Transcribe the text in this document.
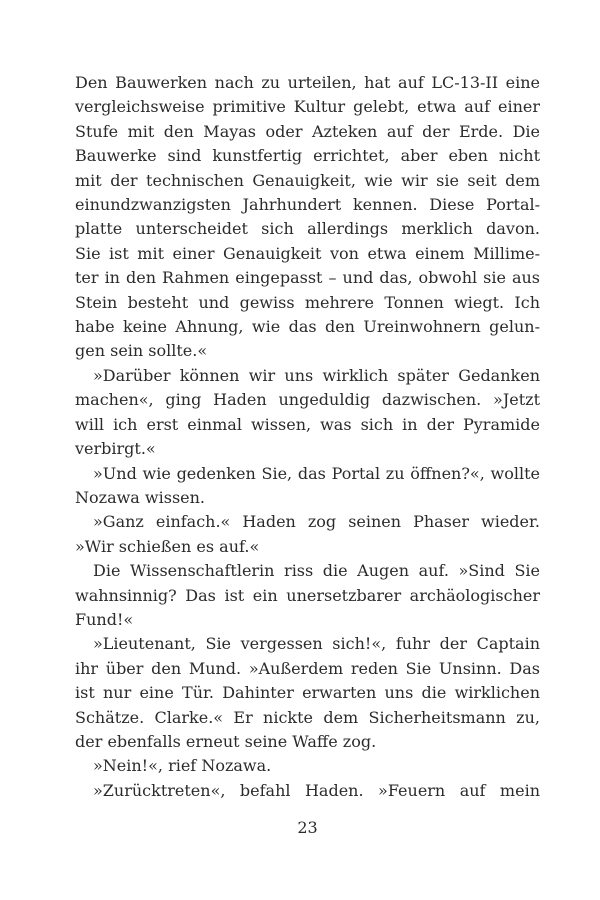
Den Bauwerken nach zu urteilen, hat auf LC-13-II eine
vergleichsweise primitive Kultur gelebt, etwa auf einer
Stufe mit den Mayas oder Azteken auf der Erde. Die
Bauwerke sind kunstfertig errichtet, aber eben nicht
mit der technischen Genauigkeit, wie wir sie seit dem
einundzwanzigsten Jahrhundert kennen. Diese Portal-
platte unterscheidet sich allerdings merklich davon.
Sie ist mit einer Genauigkeit von etwa einem Millime-
ter in den Rahmen eingepasst – und das, obwohl sie aus
Stein besteht und gewiss mehrere Tonnen wiegt. Ich
habe keine Ahnung, wie das den Ureinwohnern gelun-
gen sein sollte.«
»Darüber können wir uns wirklich später Gedanken
machen«, ging Haden ungeduldig dazwischen. »Jetzt
will ich erst einmal wissen, was sich in der Pyramide
verbirgt.«
»Und wie gedenken Sie, das Portal zu öffnen?«, wollte
Nozawa wissen.
»Ganz einfach.« Haden zog seinen Phaser wieder.
»Wir schießen es auf.«
Die Wissenschaftlerin riss die Augen auf. »Sind Sie
wahnsinnig? Das ist ein unersetzbarer archäologischer
Fund!«
»Lieutenant, Sie vergessen sich!«, fuhr der Captain
ihr über den Mund. »Außerdem reden Sie Unsinn. Das
ist nur eine Tür. Dahinter erwarten uns die wirklichen
Schätze. Clarke.« Er nickte dem Sicherheitsmann zu,
der ebenfalls erneut seine Waffe zog.
»Nein!«, rief Nozawa.
»Zurücktreten«, befahl Haden. »Feuern auf mein
23
